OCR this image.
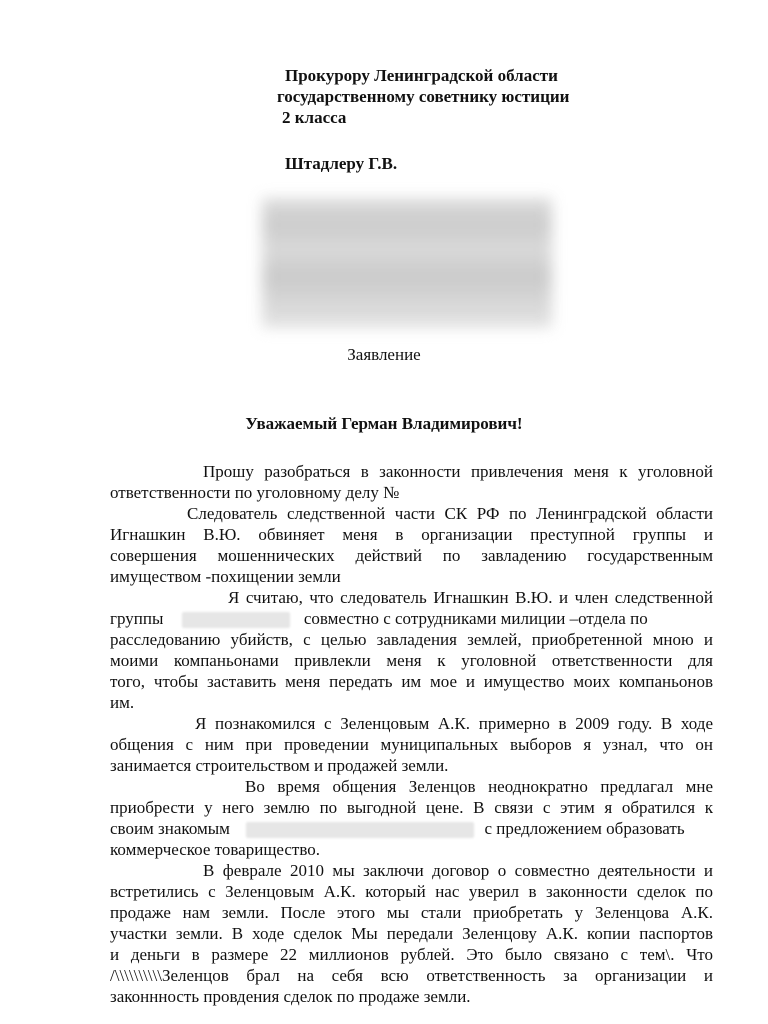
Прокурору Ленинградской области
государственному советнику юстиции
2 класса
Штадлеру Г.В.
Заявление
Уважаемый Герман Владимирович!
Прошу разобраться в законности привлечения меня к уголовной
ответственности по уголовному делу №
Следователь следственной части СК РФ по Ленинградской области
Игнашкин В.Ю. обвиняет меня в организации преступной группы и
совершения мошеннических действий по завладению государственным
имуществом -похищении земли
Я считаю, что следователь Игнашкин В.Ю. и член следственной
группы	совместно с сотрудниками милиции –отдела по
расследованию убийств, с целью завладения землей, приобретенной мною и
моими компаньонами привлекли меня к уголовной ответственности для
того, чтобы заставить меня передать им мое и имущество моих компаньонов
им.
Я познакомился с Зеленцовым А.К. примерно в 2009 году. В ходе
общения с ним при проведении муниципальных выборов я узнал, что он
занимается строительством и продажей земли.
Во время общения Зеленцов неоднократно предлагал мне
приобрести у него землю по выгодной цене. В связи с этим я обратился к
своим знакомым	с предложением образовать
коммерческое товарищество.
В феврале 2010 мы заключи договор о совместно деятельности и
встретились с Зеленцовым А.К. который нас уверил в законности сделок по
продаже нам земли. После этого мы стали приобретать у Зеленцова А.К.
участки земли. В ходе сделок Мы передали Зеленцову А.К. копии паспортов
и деньги в размере 22 миллионов рублей. Это было связано с тем\. Что
/\\\\\\\\\\Зеленцов брал на себя всю ответственность за организации и
законнность провдения сделок по продаже земли.
